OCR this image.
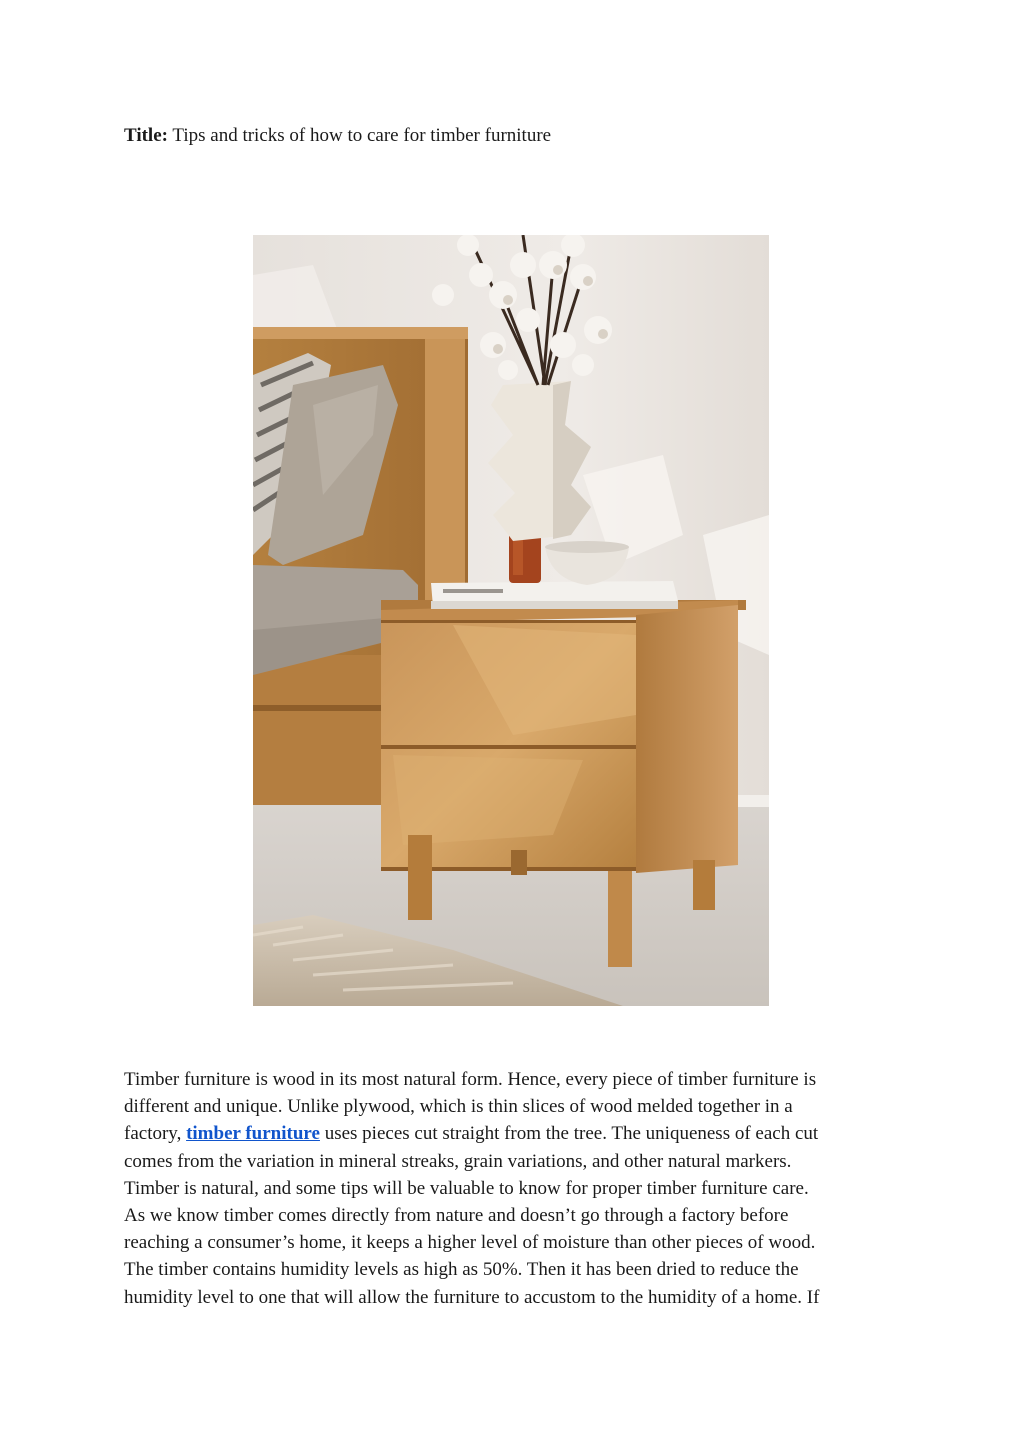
Title: Tips and tricks of how to care for timber furniture
Timber furniture is wood in its most natural form. Hence, every piece of timber furniture is
different and unique. Unlike plywood, which is thin slices of wood melded together in a
factory, timber furniture uses pieces cut straight from the tree. The uniqueness of each cut
comes from the variation in mineral streaks, grain variations, and other natural markers.
Timber is natural, and some tips will be valuable to know for proper timber furniture care.
As we know timber comes directly from nature and doesn’t go through a factory before
reaching a consumer’s home, it keeps a higher level of moisture than other pieces of wood.
The timber contains humidity levels as high as 50%. Then it has been dried to reduce the
humidity level to one that will allow the furniture to accustom to the humidity of a home. If
